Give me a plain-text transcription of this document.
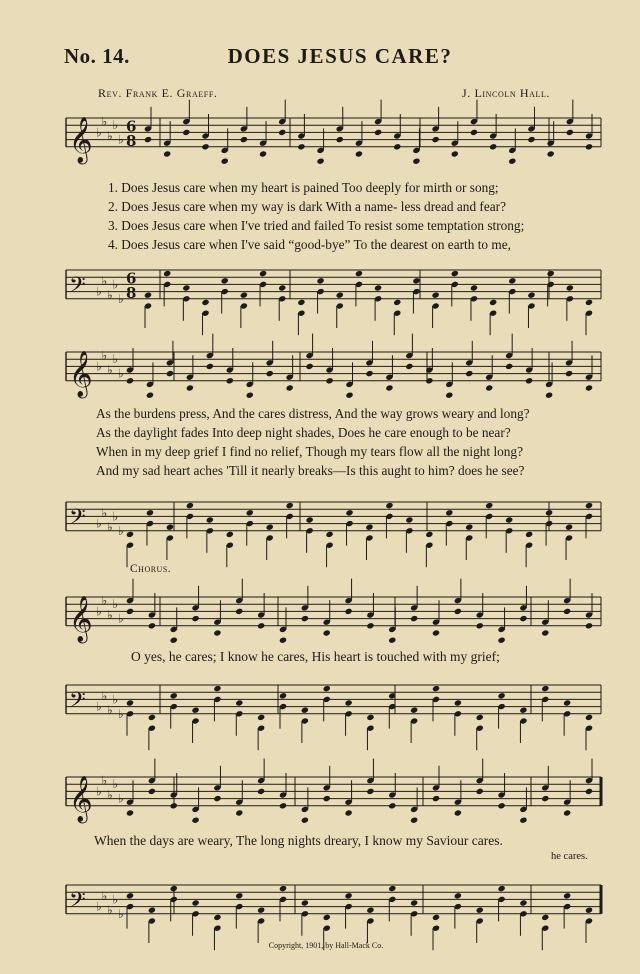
No. 14.	DOES JESUS CARE?
Rev. Frank E. Graeff.	J. Lincoln Hall.
𝄞 ♭
♭
♭
♭
♭
6
8
1. Does Jesus care when my heart is pained Too deeply for mirth or song;
2. Does Jesus care when my way is dark With a name- less dread and fear?
3. Does Jesus care when I've tried and failed To resist some temptation strong;
4. Does Jesus care when I've said “good-bye” To the dearest on earth to me,
𝄢 ♭
♭
♭
♭
♭
6
8
𝄞 ♭
♭
♭
♭
♭
As the burdens press, And the cares distress, And the way grows weary and long?
As the daylight fades Into deep night shades, Does he care enough to be near?
When in my deep grief I find no relief, Though my tears flow all the night long?
And my sad heart aches 'Till it nearly breaks—Is this aught to him? does he see?
𝄢 ♭
♭
♭
♭
♭
Chorus.
𝄞 ♭
♭
♭
♭
♭
O yes, he cares; I know he cares, His heart is touched with my grief;
𝄢 ♭
♭
♭
♭
♭
𝄞 ♭
♭
♭
♭
♭
When the days are weary, The long nights dreary, I know my Saviour cares.
he cares.
𝄢 ♭
♭
♭
♭
♭
Copyright, 1901, by Hall-Mack Co.
